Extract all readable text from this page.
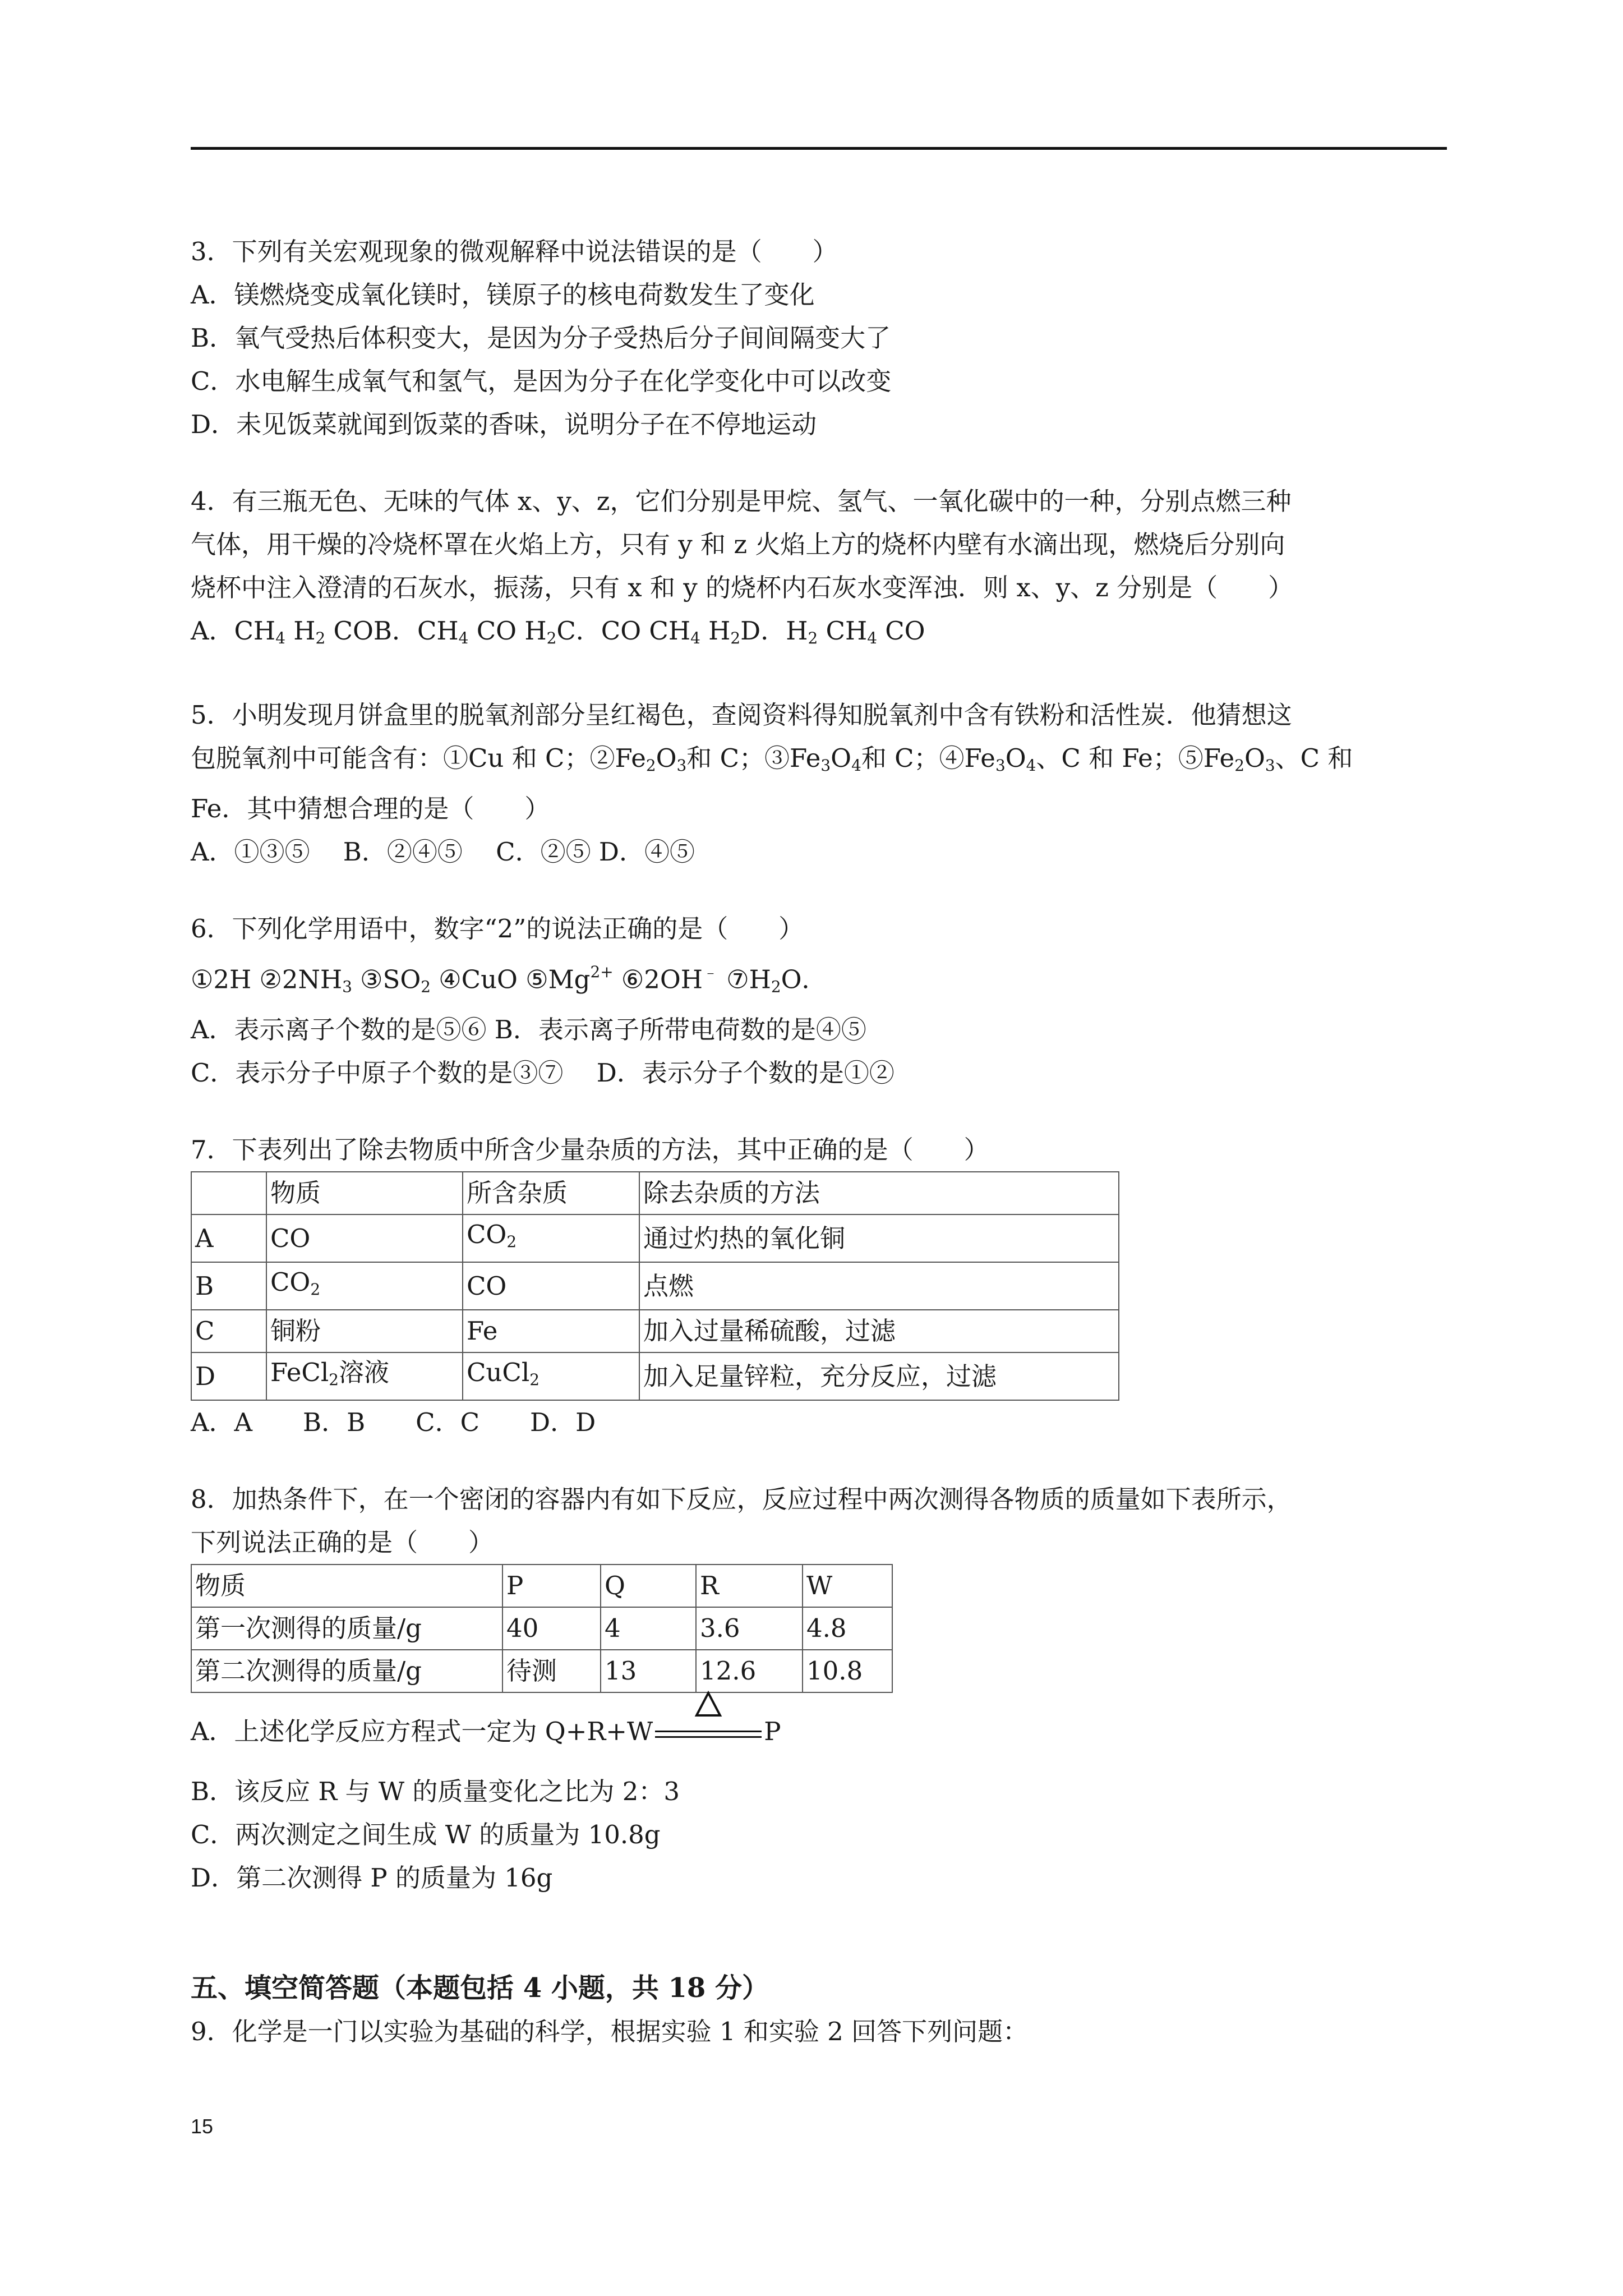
3．下列有关宏观现象的微观解释中说法错误的是（　　）
A．镁燃烧变成氧化镁时，镁原子的核电荷数发生了变化
B．氧气受热后体积变大，是因为分子受热后分子间间隔变大了
C．水电解生成氧气和氢气，是因为分子在化学变化中可以改变
D．未见饭菜就闻到饭菜的香味，说明分子在不停地运动
4．有三瓶无色、无味的气体 x、y、z，它们分别是甲烷、氢气、一氧化碳中的一种，分别点燃三种
气体，用干燥的冷烧杯罩在火焰上方，只有 y 和 z 火焰上方的烧杯内壁有水滴出现，燃烧后分别向
烧杯中注入澄清的石灰水，振荡，只有 x 和 y 的烧杯内石灰水变浑浊．则 x、y、z 分别是（　　）
A．$CH_4$ $H_2$ COB．$CH_4$ CO $H_2C$．CO $CH_4$ $H_2D$．$H_2$ $CH_4$ CO
5．小明发现月饼盒里的脱氧剂部分呈红褐色，查阅资料得知脱氧剂中含有铁粉和活性炭．他猜想这
包脱氧剂中可能含有：①Cu 和 C；$②Fe_2O_3$和 C；$③Fe_3O_4$和 C；$④Fe_3O_4$、C 和 Fe；$⑤Fe_2O_3$、C 和
Fe．其中猜想合理的是（　　）
A．①③⑤　 B．②④⑤　 C．②⑤ D．④⑤
6．下列化学用语中，数字“2”的说法正确的是（　　）
①2H $②2NH_3$ $③SO_2$ ④CuO $⑤Mg^{2+}$ ⑥2OH﹣ $⑦H_2O$．
A．表示离子个数的是⑤⑥ B．表示离子所带电荷数的是④⑤
C．表示分子中原子个数的是③⑦　 D．表示分子个数的是①②
7．下表列出了除去物质中所含少量杂质的方法，其中正确的是（　　）
	物质	所含杂质	除去杂质的方法
A	CO	$CO_2$	通过灼热的氧化铜
B	$CO_2$	CO	点燃
C	铜粉	Fe	加入过量稀硫酸，过滤
D	FeCl$_2$溶液	CuCl$_2$	加入足量锌粒，充分反应，过滤
A．A　　B．B　　C．C　　D．D
8．加热条件下，在一个密闭的容器内有如下反应，反应过程中两次测得各物质的质量如下表所示，
下列说法正确的是（　　）
物质	P	Q	R	W
第一次测得的质量/g	40	4	3.6	4.8
第二次测得的质量/g	待测	13	12.6	10.8
A．上述化学反应方程式一定为 Q+R+W	P
B．该反应 R 与 W 的质量变化之比为 2：3
C．两次测定之间生成 W 的质量为 10.8g
D．第二次测得 P 的质量为 16g
五、填空简答题（本题包括 4 小题，共 18 分）
9．化学是一门以实验为基础的科学，根据实验 1 和实验 2 回答下列问题：
15
